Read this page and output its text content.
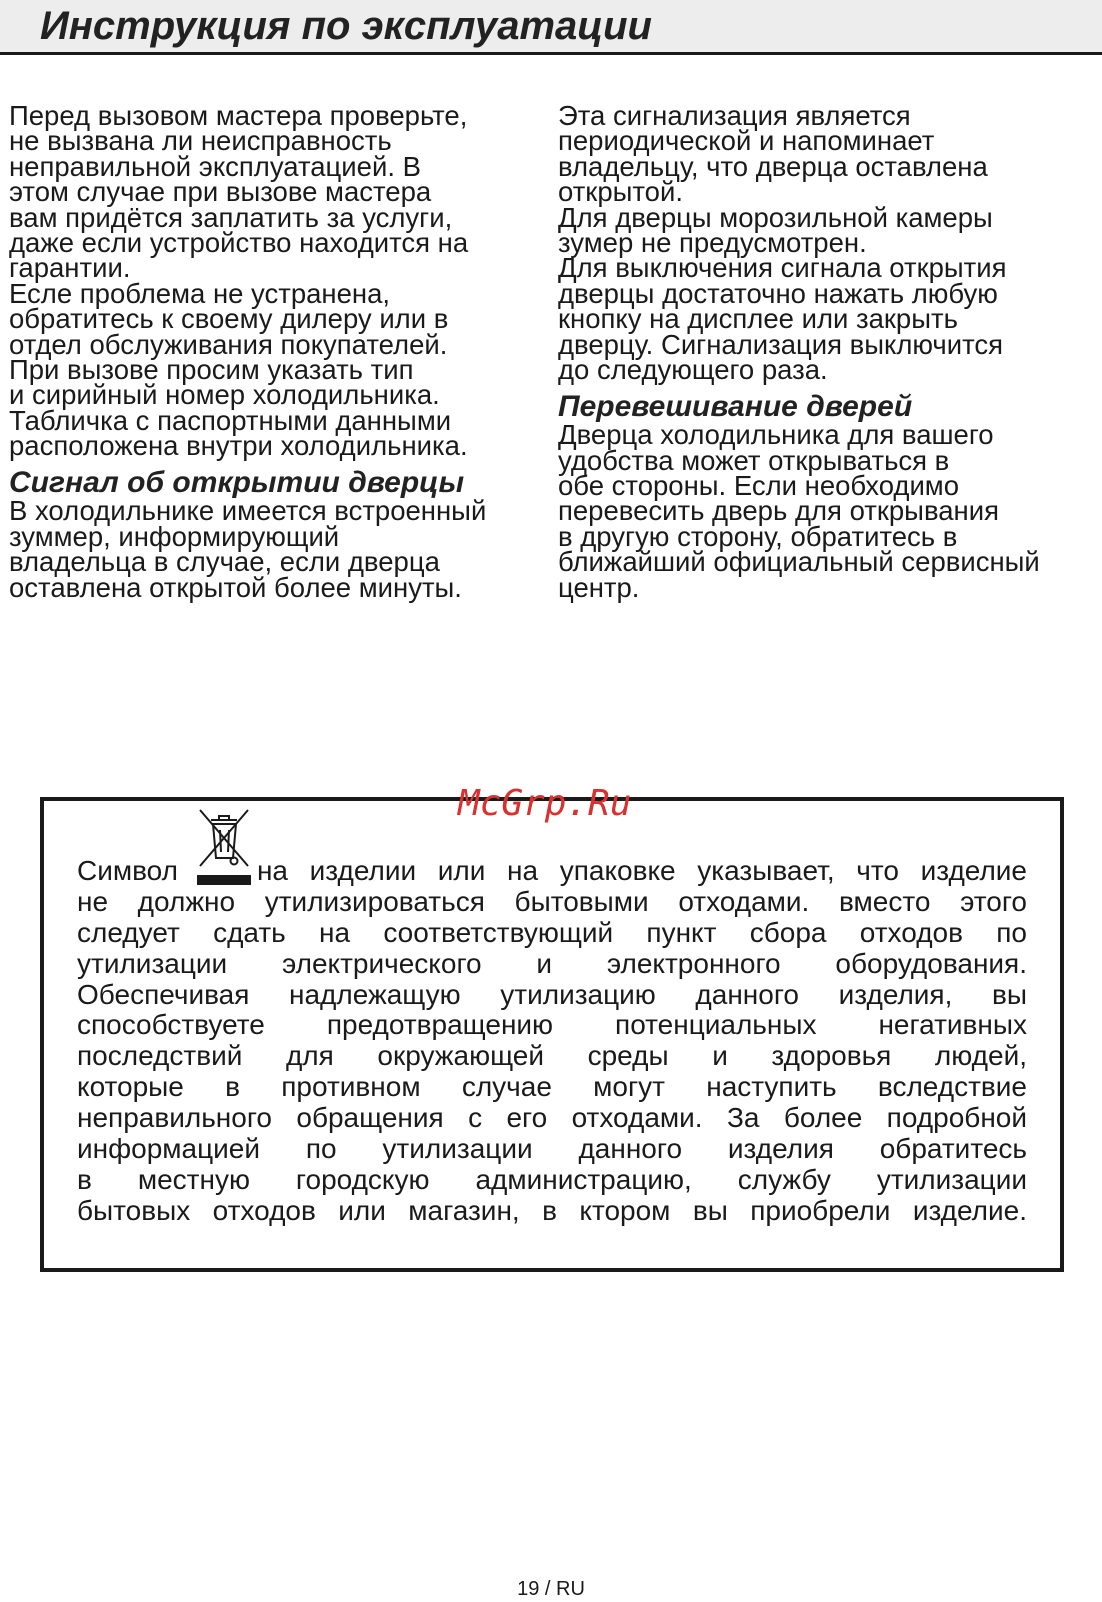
Инструкция по эксплуатации
Перед вызовом мастера проверьте,
не вызвана ли неисправность
неправильной эксплуатацией. В
этом случае при вызове мастера
вам придётся заплатить за услуги,
даже если устройство находится на
гарантии.
Есле проблема не устранена,
обратитесь к своему дилеру или в
отдел обслуживания покупателей.
При вызове просим указать тип
и сирийный номер холодильника.
Табличка с паспортными данными
расположена внутри холодильника.
Сигнал об открытии дверцы
В холодильнике имеется встроенный
зуммер, информирующий
владельца в случае, если дверца
оставлена открытой более минуты.
Эта сигнализация является
периодической и напоминает
владельцу, что дверца оставлена
открытой.
Для дверцы морозильной камеры
зумер не предусмотрен.
Для выключения сигнала открытия
дверцы достаточно нажать любую
кнопку на дисплее или закрыть
дверцу. Сигнализация выключится
до следующего раза.
Перевешивание дверей
Дверца холодильника для вашего
удобства может открываться в
обе стороны. Если необходимо
перевесить дверь для открывания
в другую сторону, обратитесь в
ближайший официальный сервисный
центр.
McGrp.Ru
Символ	на изделии или на упаковке указывает, что изделие
не должно утилизироваться бытовыми отходами. вместо этого
следует сдать на соответствующий пункт сбора отходов по
утилизации электрического и электронного оборудования.
Обеспечивая надлежащую утилизацию данного изделия, вы
способствуете предотвращению потенциальных негативных
последствий для окружающей среды и здоровья людей,
которые в противном случае могут наступить вследствие
неправильного обращения с его отходами. За более подробной
информацией по утилизации данного изделия обратитесь
в местную городскую администрацию, службу утилизации
бытовых отходов или магазин, в ктором вы приобрели изделие.
19 / RU
